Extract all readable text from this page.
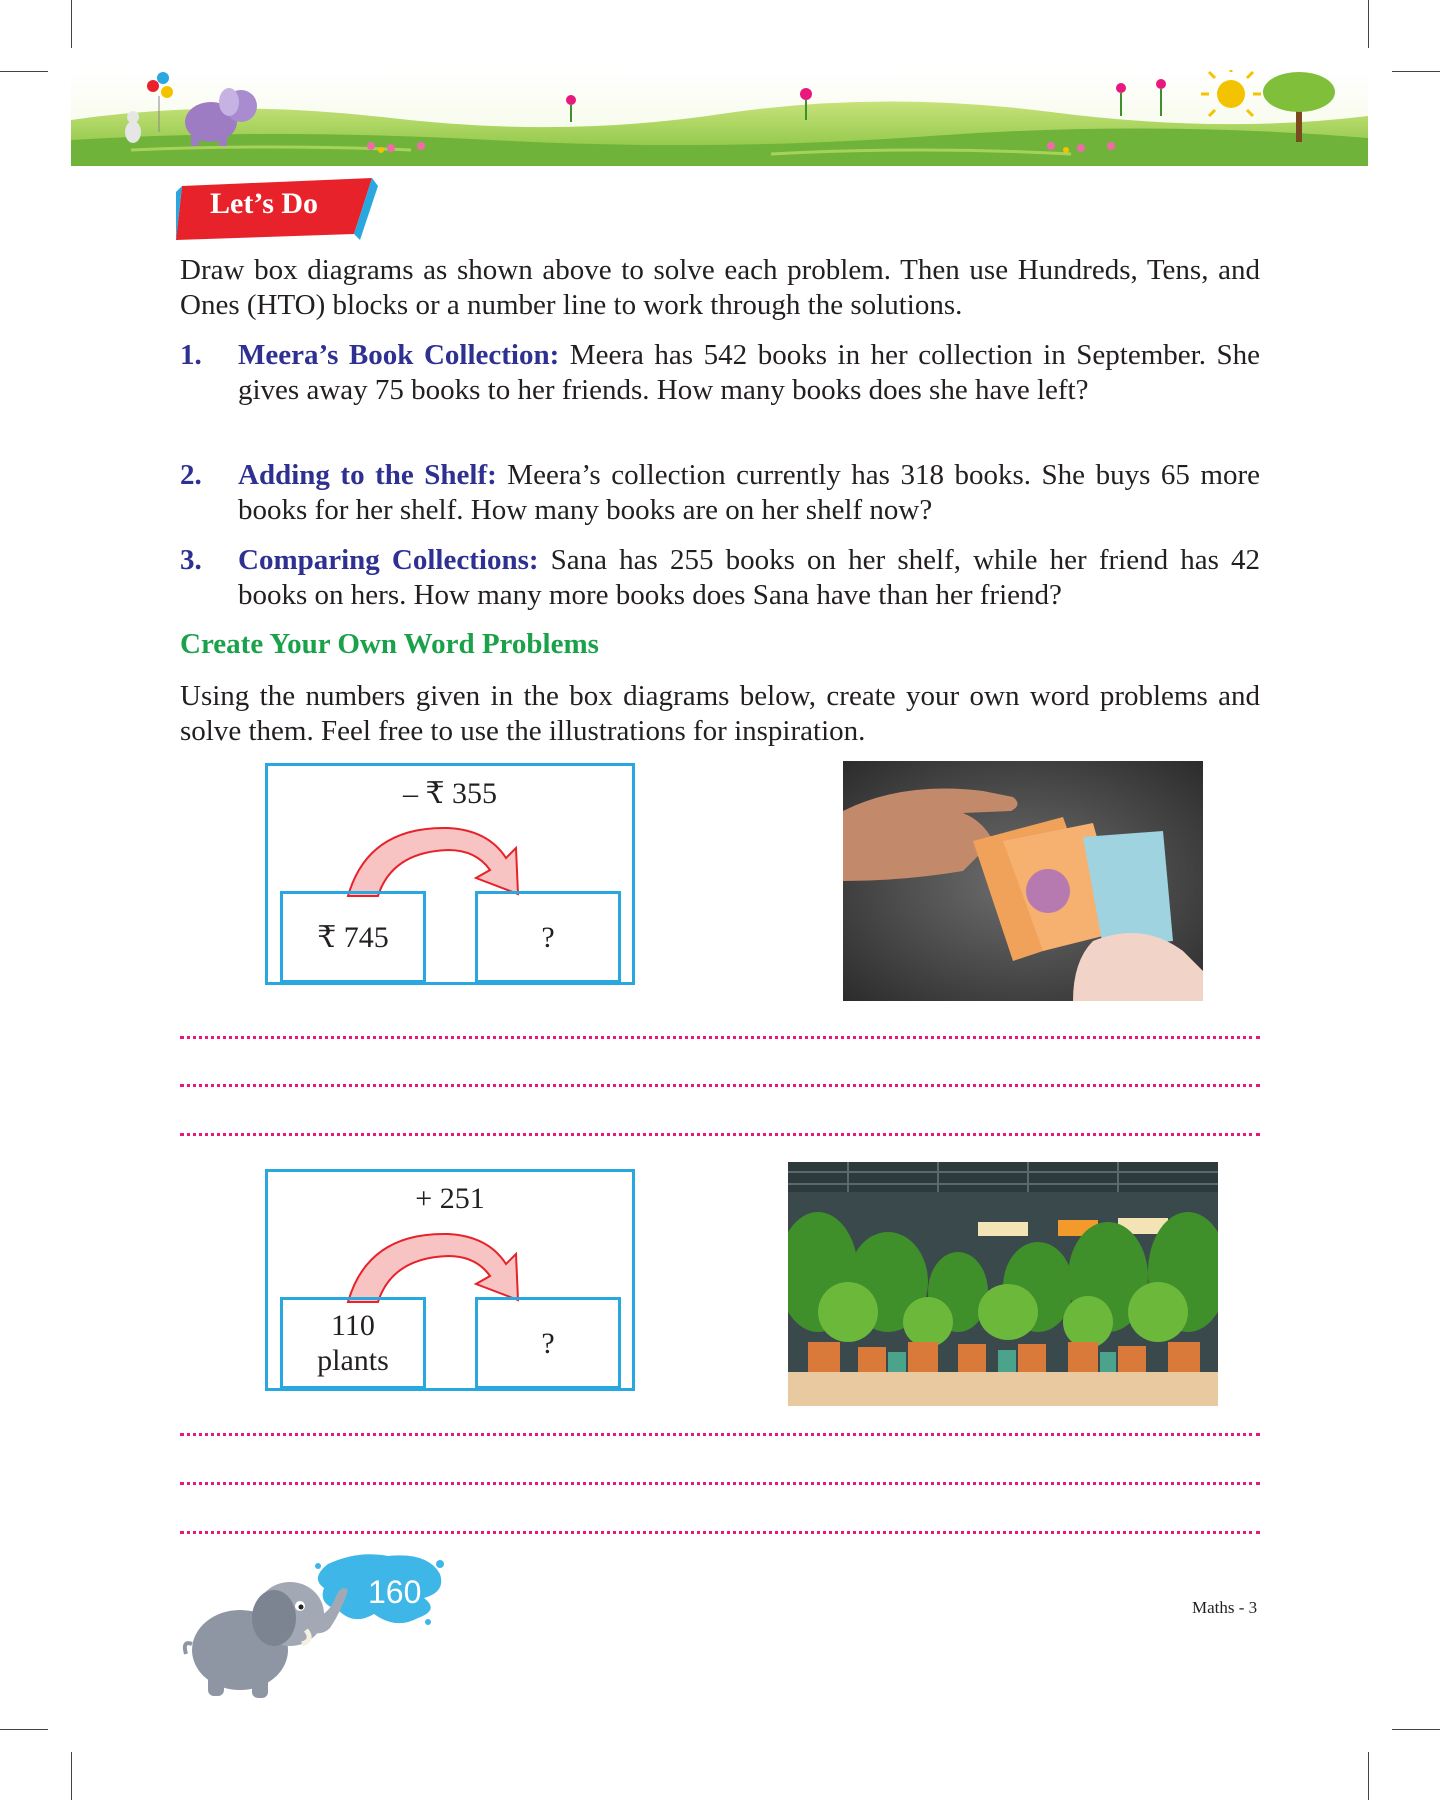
Let’s Do
Draw box diagrams as shown above to solve each problem. Then use Hundreds, Tens, and Ones (HTO) blocks or a number line to work through the solutions.
1. Meera’s Book Collection: Meera has 542 books in her collection in September. She gives away 75 books to her friends. How many books does she have left?
2. Adding to the Shelf: Meera’s collection currently has 318 books. She buys 65 more books for her shelf. How many books are on her shelf now?
3. Comparing Collections: Sana has 255 books on her shelf, while her friend has 42 books on hers. How many more books does Sana have than her friend?
Create Your Own Word Problems
Using the numbers given in the box diagrams below, create your own word problems and solve them. Feel free to use the illustrations for inspiration.
– ₹ 355
₹ 745	?
+ 251
110
plants
?
160	Maths - 3
